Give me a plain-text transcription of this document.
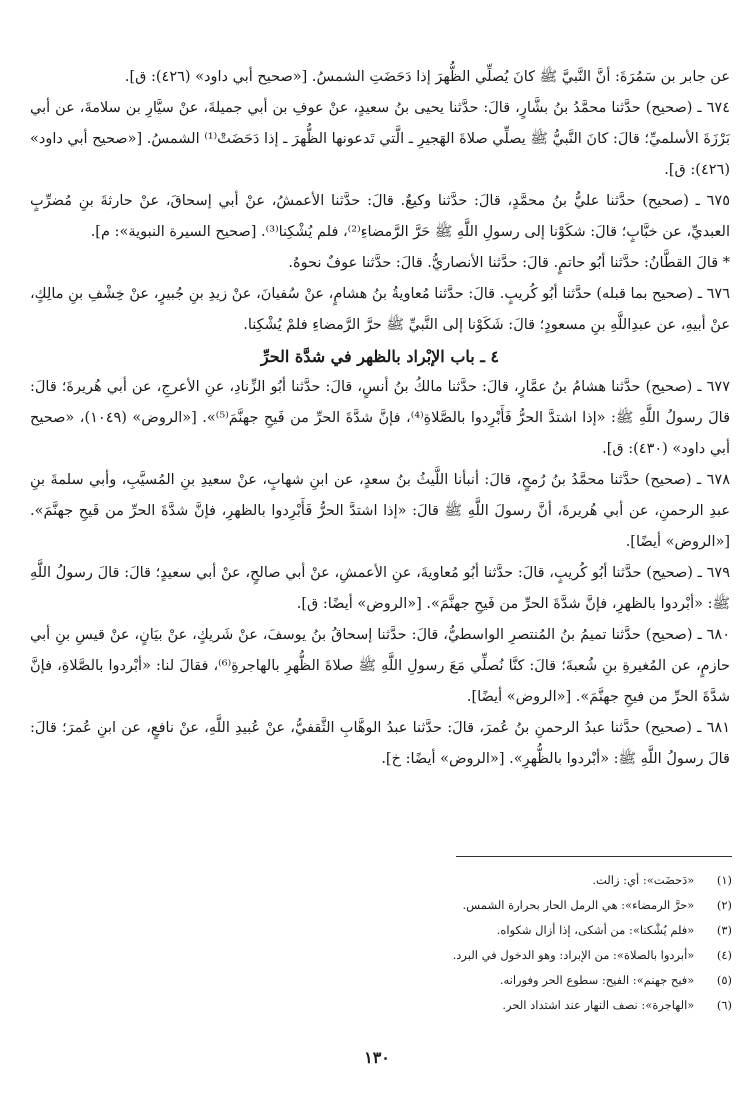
عن جابر بن سَمُرَةَ: أنَّ النَّبيَّ ﷺ كانَ يُصلِّي الظُّهرَ إذا دَحَضَتِ الشمسُ. [«صحيح أبي داود» (٤٢٦): ق].

٦٧٤ ـ (صحيح) حدَّثنا محمَّدُ بنُ بشَّارٍ، قالَ: حدَّثنا يحيى بنُ سعيدٍ، عنْ عوفِ بن أبي جميلةَ، عنْ سيَّارِ بن سلامةَ، عن أبي بَرْزَةَ الأسلميِّ؛ قالَ: كانَ النَّبيُّ ﷺ يصلِّي صلاةَ الهَجيرِ ـ الَّتي تَدعونها الظُّهرَ ـ إذا دَحَضَتْ⁽¹⁾ الشمسُ. [«صحيح أبي داود» (٤٢٦): ق].

٦٧٥ ـ (صحيح) حدَّثنا عليُّ بنُ محمَّدٍ، قالَ: حدَّثنا وكيعٌ. قالَ: حدَّثنا الأعمشُ، عنْ أبي إسحاقَ، عنْ حارثةَ بنِ مُضرِّبٍ العبديِّ، عن خبَّابٍ؛ قالَ: شكَوْنا إلى رسولِ اللَّهِ ﷺ حَرَّ الرَّمضاءِ⁽²⁾، فلم يُشْكِنا⁽³⁾. [صحيح السيرة النبوية»: م].

* قالَ القطَّانُ: حدَّثنا أبُو حاتمٍ. قالَ: حدَّثنا الأنصاريُّ. قالَ: حدَّثنا عوفٌ نحوهُ.

٦٧٦ ـ (صحيح بما قبله) حدَّثنا أبُو كُريبٍ. قالَ: حدَّثنا مُعاويةُ بنُ هشامٍ، عنْ سُفيانَ، عنْ زيدِ بنِ جُبيرٍ، عنْ خِشْفِ بنِ مالِكٍ، عنْ أبيهِ، عن عبدِاللَّهِ بنِ مسعودٍ؛ قالَ: شَكَوْنا إلى النَّبيِّ ﷺ حرَّ الرَّمضاءِ فلمْ يُشْكِنا.

٤ ـ باب الإبْراد بالظهر في شدَّة الحرِّ

٦٧٧ ـ (صحيح) حدَّثنا هشامُ بنُ عمَّارٍ، قالَ: حدَّثنا مالكُ بنُ أنسٍ، قالَ: حدَّثنا أبُو الزِّنادِ، عنِ الأعرجِ، عن أبي هُريرةَ؛ قالَ: قالَ رسولُ اللَّهِ ﷺ: «إذا اشتدَّ الحرُّ فَأَبْرِدوا بالصَّلاةِ⁽⁴⁾، فإنَّ شدَّةَ الحرِّ من فَيحِ جهنَّمَ⁽⁵⁾». [«الروض» (١٠٤٩)، «صحيح أبي داود» (٤٣٠): ق].

٦٧٨ ـ (صحيح) حدَّثنا محمَّدُ بنُ رُمحٍ، قالَ: أنبأنا اللَّيثُ بنُ سعدٍ، عن ابنِ شهابٍ، عنْ سعيدِ بنِ المُسيَّبِ، وأبي سلمةَ بنِ عبدِ الرحمنِ، عن أبي هُريرةَ، أنَّ رسولَ اللَّهِ ﷺ قالَ: «إذا اشتدَّ الحرُّ فَأَبْرِدوا بالظهرِ، فإنَّ شدَّةَ الحرِّ من فَيحِ جهنَّمَ». [«الروض» أيضًا].

٦٧٩ ـ (صحيح) حدَّثنا أبُو كُريبٍ، قالَ: حدَّثنا أبُو مُعاويةَ، عنِ الأعمشِ، عنْ أبي صالحٍ، عنْ أبي سعيدٍ؛ قالَ: قالَ رسولُ اللَّهِ ﷺ: «أبْردوا بالظهرِ، فإنَّ شدَّةَ الحرِّ من فَيحِ جهنَّمَ». [«الروض» أيضًا: ق].

٦٨٠ ـ (صحيح) حدَّثنا تميمُ بنُ المُنتصرِ الواسطيُّ، قالَ: حدَّثنا إسحاقُ بنُ يوسفَ، عنْ شَريكٍ، عنْ بيَانٍ، عنْ قيسِ بنِ أبي حازمٍ، عن المُغيرةِ بنِ شُعبةَ؛ قالَ: كنَّا نُصلِّي مَعَ رسولِ اللَّهِ ﷺ صلاةَ الظُّهرِ بالهاجرةِ⁽⁶⁾، فقالَ لنا: «أبْردوا بالصَّلاةِ، فإنَّ شدَّةَ الحرِّ من فيحِ جهنَّمَ». [«الروض» أيضًا].

٦٨١ ـ (صحيح) حدَّثنا عبدُ الرحمنِ بنُ عُمرَ، قالَ: حدَّثنا عبدُ الوهَّابِ الثَّقفيُّ، عنْ عُبيدِ اللَّهِ، عنْ نافعٍ، عن ابنِ عُمرَ؛ قالَ: قالَ رسولُ اللَّهِ ﷺ: «أبْردوا بالظُّهرِ». [«الروض» أيضًا: خ].

(١) «دَحضَت»: أي: زالت.

(٢) «حرَّ الرمضاء»: هي الرمل الحار بحرارة الشمس.

(٣) «فلم يُشْكنا»: من أشكى، إذا أزال شكواه.

(٤) «أبردوا بالصلاة»: من الإبراد: وهو الدخول في البرد.

(٥) «فيح جهنم»: الفيح: سطوع الحر وفورانه.

(٦) «الهاجرة»: نصف النهار عند اشتداد الحر.

١٣٠
